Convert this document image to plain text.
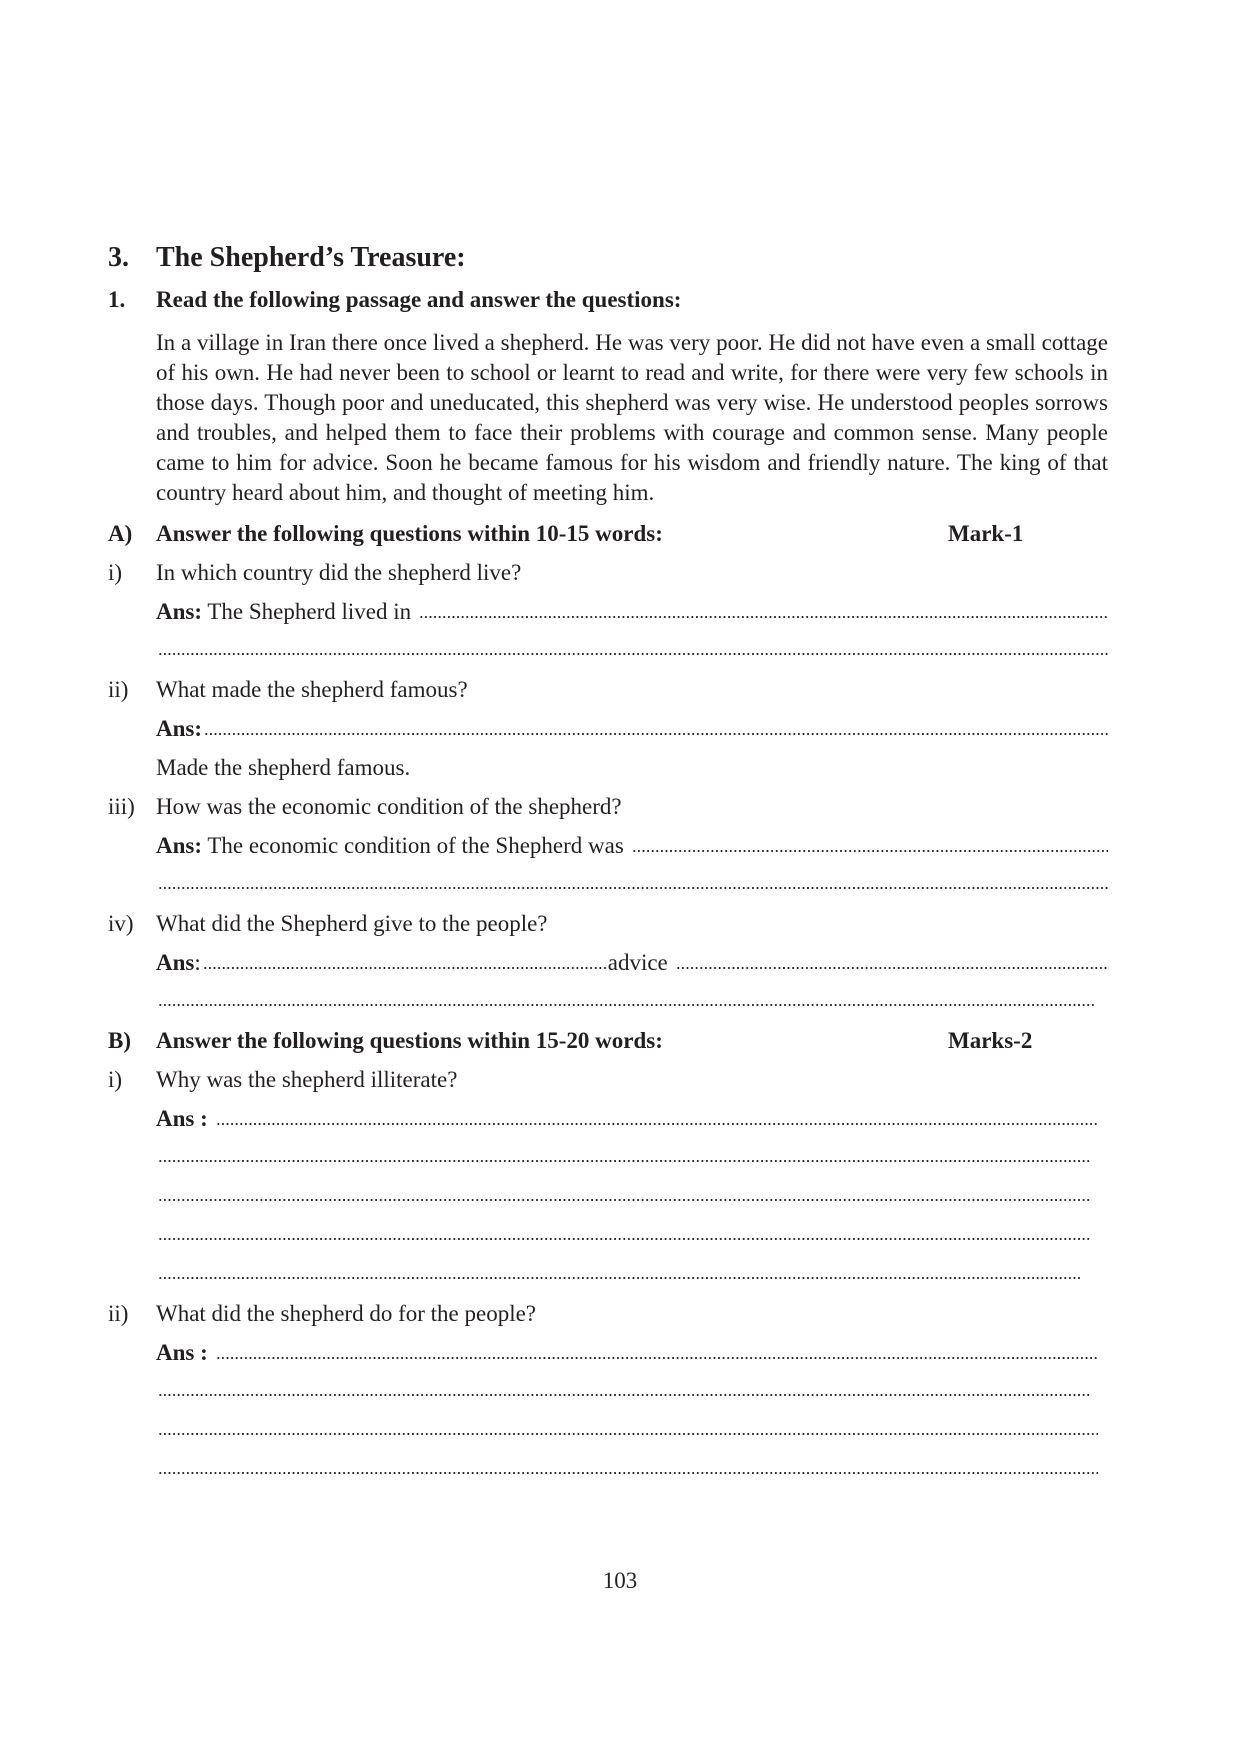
3. The Shepherd’s Treasure:
1.	Read the following passage and answer the questions:
In a village in Iran there once lived a shepherd. He was very poor. He did not have even a small cottage of his own. He had never been to school or learnt to read and write, for there were very few schools in those days. Though poor and uneducated, this shepherd was very wise. He understood peoples sorrows and troubles, and helped them to face their problems with courage and common sense. Many people came to him for advice. Soon he became famous for his wisdom and friendly nature. The king of that country heard about him, and thought of meeting him.
A)	Answer the following questions within 10-15 words:	Mark-1
i)	In which country did the shepherd live?
Ans: The Shepherd lived in
ii)	What made the shepherd famous?
Ans:
Made the shepherd famous.
iii) How was the economic condition of the shepherd?
Ans: The economic condition of the Shepherd was
iv) What did the Shepherd give to the people?
Ans :	advice
B)	Answer the following questions within 15-20 words:	Marks-2
i)	Why was the shepherd illiterate?
Ans :
ii)	What did the shepherd do for the people?
Ans :
103
